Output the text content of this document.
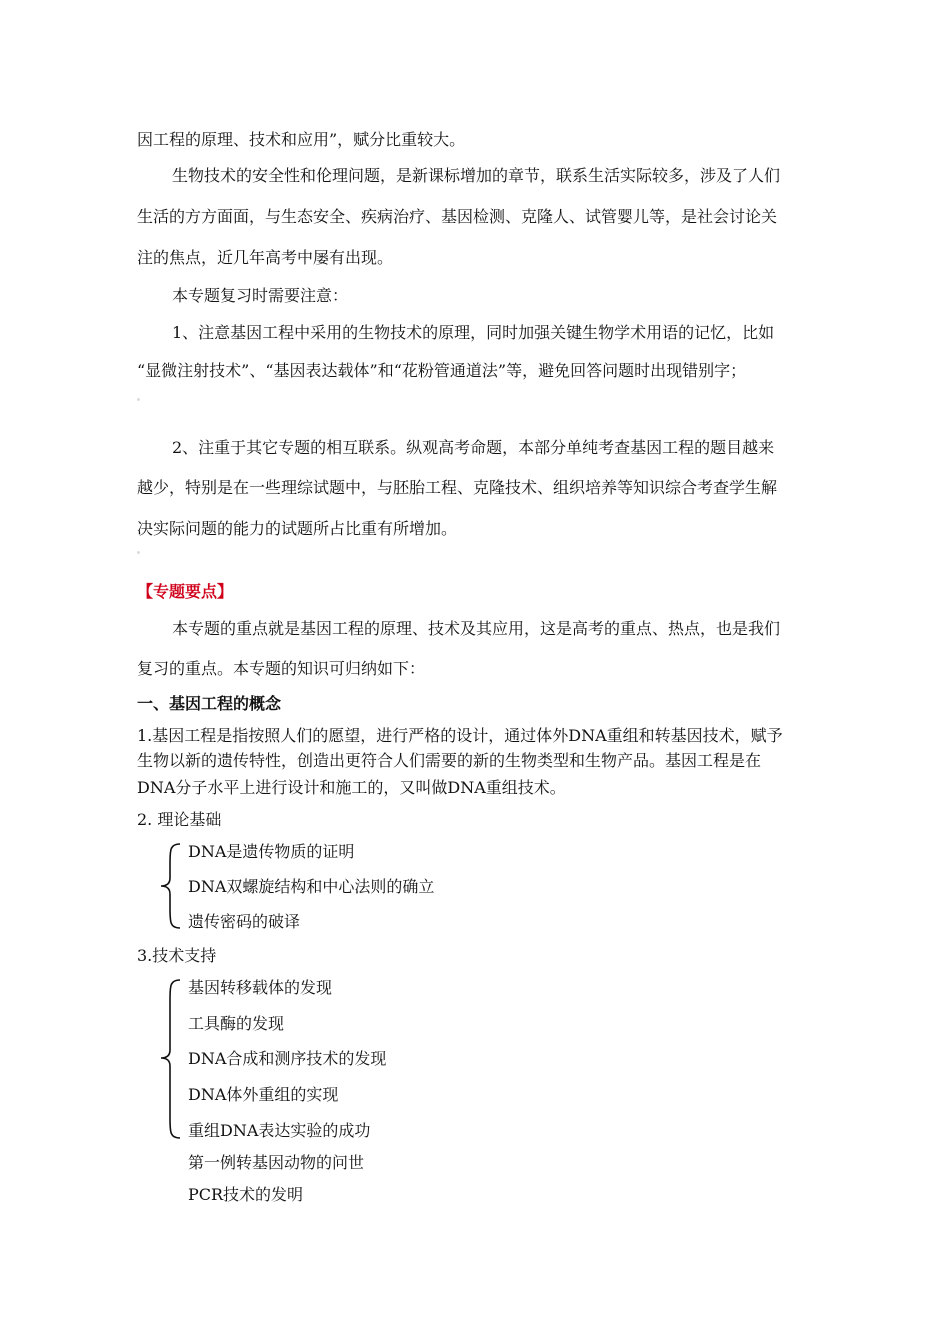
因工程的原理、技术和应用”，赋分比重较大。
生物技术的安全性和伦理问题，是新课标增加的章节，联系生活实际较多，涉及了人们
生活的方方面面，与生态安全、疾病治疗、基因检测、克隆人、试管婴儿等，是社会讨论关
注的焦点，近几年高考中屡有出现。
本专题复习时需要注意：
1、注意基因工程中采用的生物技术的原理，同时加强关键生物学术用语的记忆，比如
“显微注射技术”、“基因表达载体”和“花粉管通道法”等，避免回答问题时出现错别字；
2、注重于其它专题的相互联系。纵观高考命题，本部分单纯考查基因工程的题目越来
越少，特别是在一些理综试题中，与胚胎工程、克隆技术、组织培养等知识综合考查学生解
决实际问题的能力的试题所占比重有所增加。
【专题要点】
本专题的重点就是基因工程的原理、技术及其应用，这是高考的重点、热点，也是我们
复习的重点。本专题的知识可归纳如下：
一、基因工程的概念
1.基因工程是指按照人们的愿望，进行严格的设计，通过体外DNA重组和转基因技术，赋予
生物以新的遗传特性，创造出更符合人们需要的新的生物类型和生物产品。基因工程是在
DNA分子水平上进行设计和施工的，又叫做DNA重组技术。
2. 理论基础
DNA是遗传物质的证明
DNA双螺旋结构和中心法则的确立
遗传密码的破译
3.技术支持
基因转移载体的发现
工具酶的发现
DNA合成和测序技术的发现
DNA体外重组的实现
重组DNA表达实验的成功
第一例转基因动物的问世
PCR技术的发明
